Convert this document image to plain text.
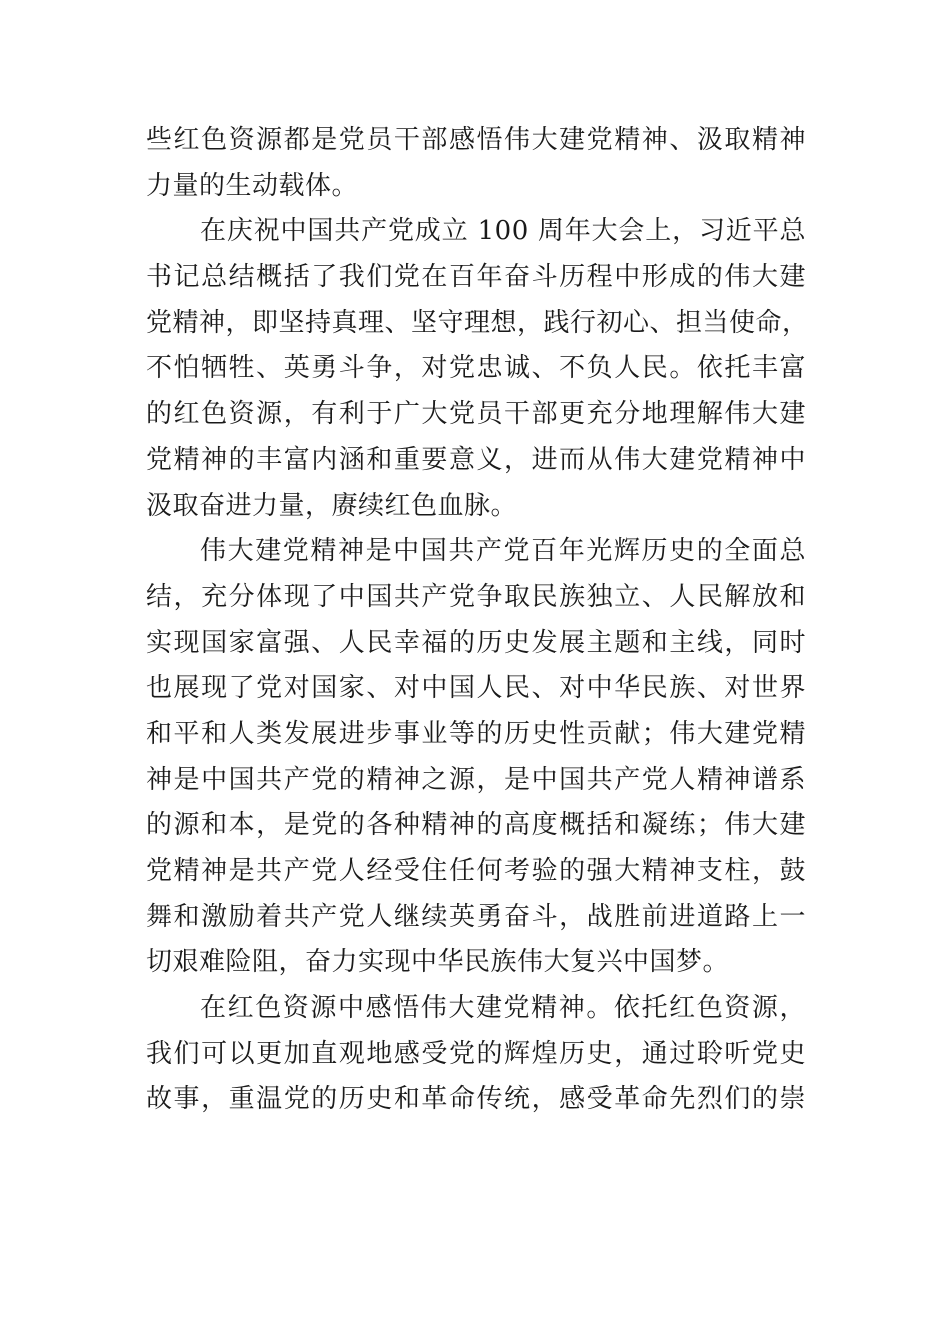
些红色资源都是党员干部感悟伟大建党精神、汲取精神
力量的生动载体。
在庆祝中国共产党成立 100 周年大会上，习近平总
书记总结概括了我们党在百年奋斗历程中形成的伟大建
党精神，即坚持真理、坚守理想，践行初心、担当使命，
不怕牺牲、英勇斗争，对党忠诚、不负人民。依托丰富
的红色资源，有利于广大党员干部更充分地理解伟大建
党精神的丰富内涵和重要意义，进而从伟大建党精神中
汲取奋进力量，赓续红色血脉。
伟大建党精神是中国共产党百年光辉历史的全面总
结，充分体现了中国共产党争取民族独立、人民解放和
实现国家富强、人民幸福的历史发展主题和主线，同时
也展现了党对国家、对中国人民、对中华民族、对世界
和平和人类发展进步事业等的历史性贡献；伟大建党精
神是中国共产党的精神之源，是中国共产党人精神谱系
的源和本，是党的各种精神的高度概括和凝练；伟大建
党精神是共产党人经受住任何考验的强大精神支柱，鼓
舞和激励着共产党人继续英勇奋斗，战胜前进道路上一
切艰难险阻，奋力实现中华民族伟大复兴中国梦。
在红色资源中感悟伟大建党精神。依托红色资源，
我们可以更加直观地感受党的辉煌历史，通过聆听党史
故事，重温党的历史和革命传统，感受革命先烈们的崇
